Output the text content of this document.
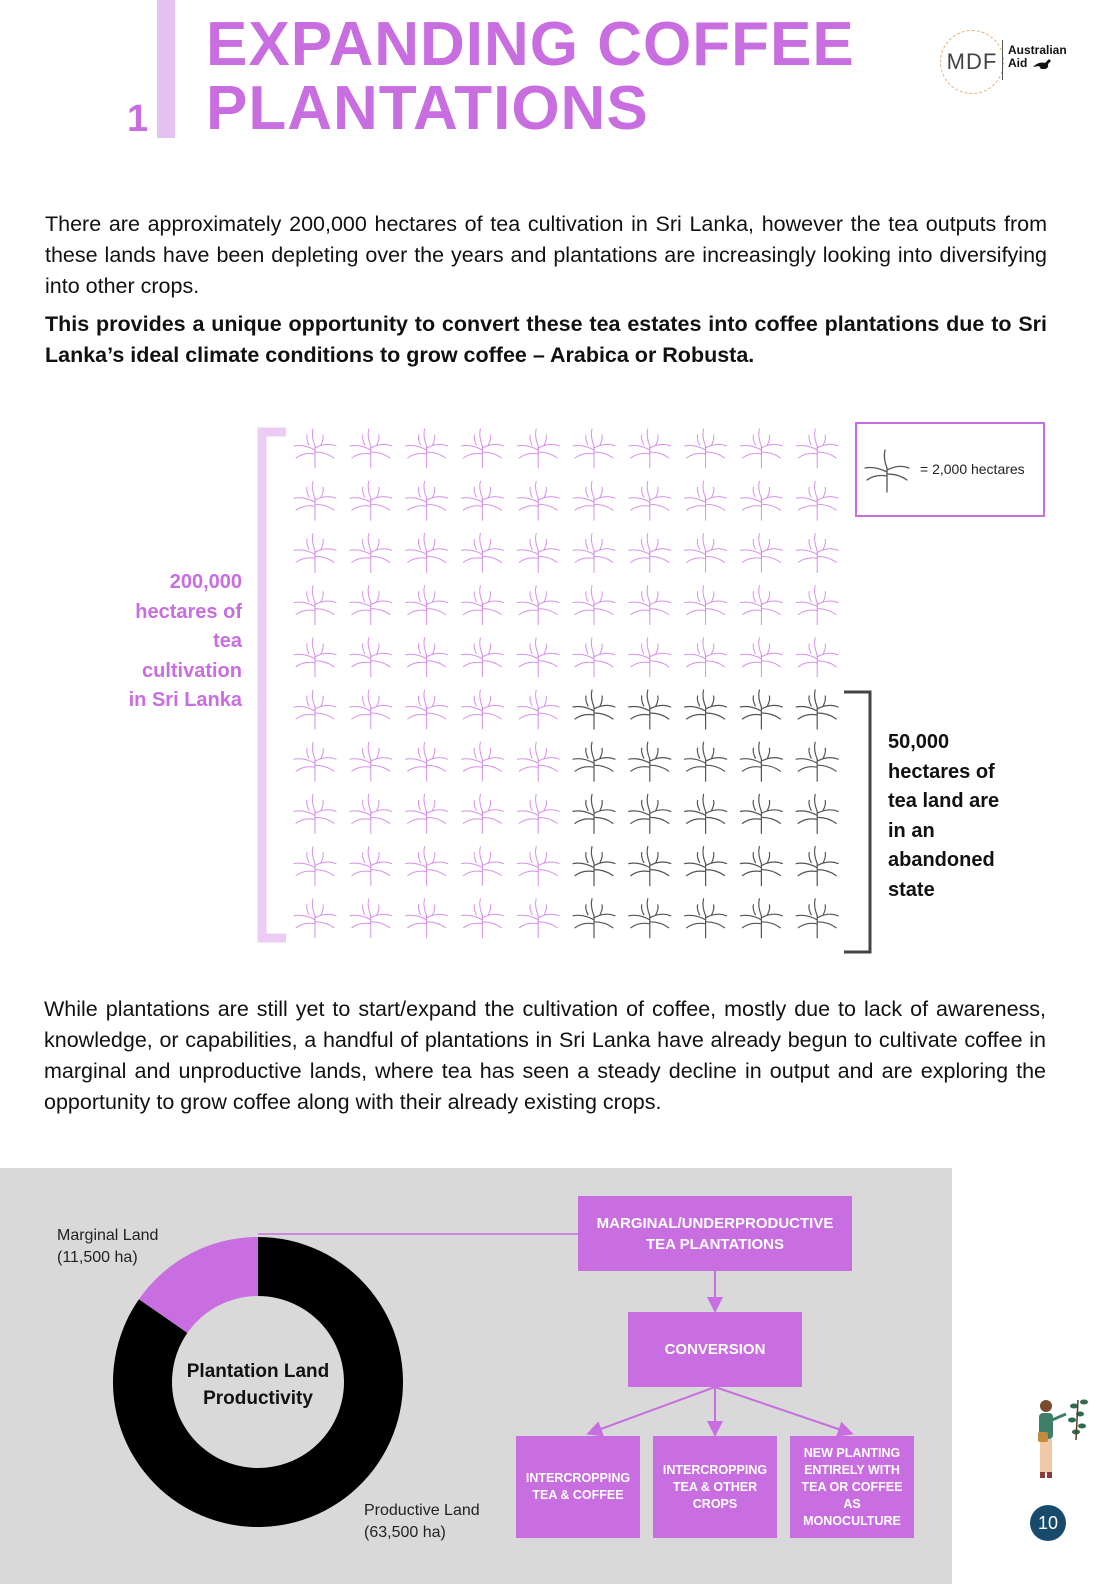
1
EXPANDING COFFEE
PLANTATIONS
MDF Australian
Aid

There are approximately 200,000 hectares of tea cultivation in Sri Lanka, however the tea outputs from these lands have been depleting over the years and plantations are increasingly looking into diversifying into other crops.

This provides a unique opportunity to convert these tea estates into coffee plantations due to Sri Lanka’s ideal climate conditions to grow coffee – Arabica or Robusta.

= 2,000 hectares
200,000
hectares of
tea
cultivation
in Sri Lanka
50,000
hectares of
tea land are
in an
abandoned
state

While plantations are still yet to start/expand the cultivation of coffee, mostly due to lack of awareness, knowledge, or capabilities, a handful of plantations in Sri Lanka have already begun to cultivate coffee in marginal and unproductive lands, where tea has seen a steady decline in output and are exploring the opportunity to grow coffee along with their already existing crops.

Plantation Land
Productivity
Marginal Land
(11,500 ha)
Productive Land
(63,500 ha)
MARGINAL/UNDERPRODUCTIVE TEA PLANTATIONS
CONVERSION
INTERCROPPING TEA & COFFEE
INTERCROPPING TEA & OTHER CROPS
NEW PLANTING ENTIRELY WITH TEA OR COFFEE AS MONOCULTURE	10
